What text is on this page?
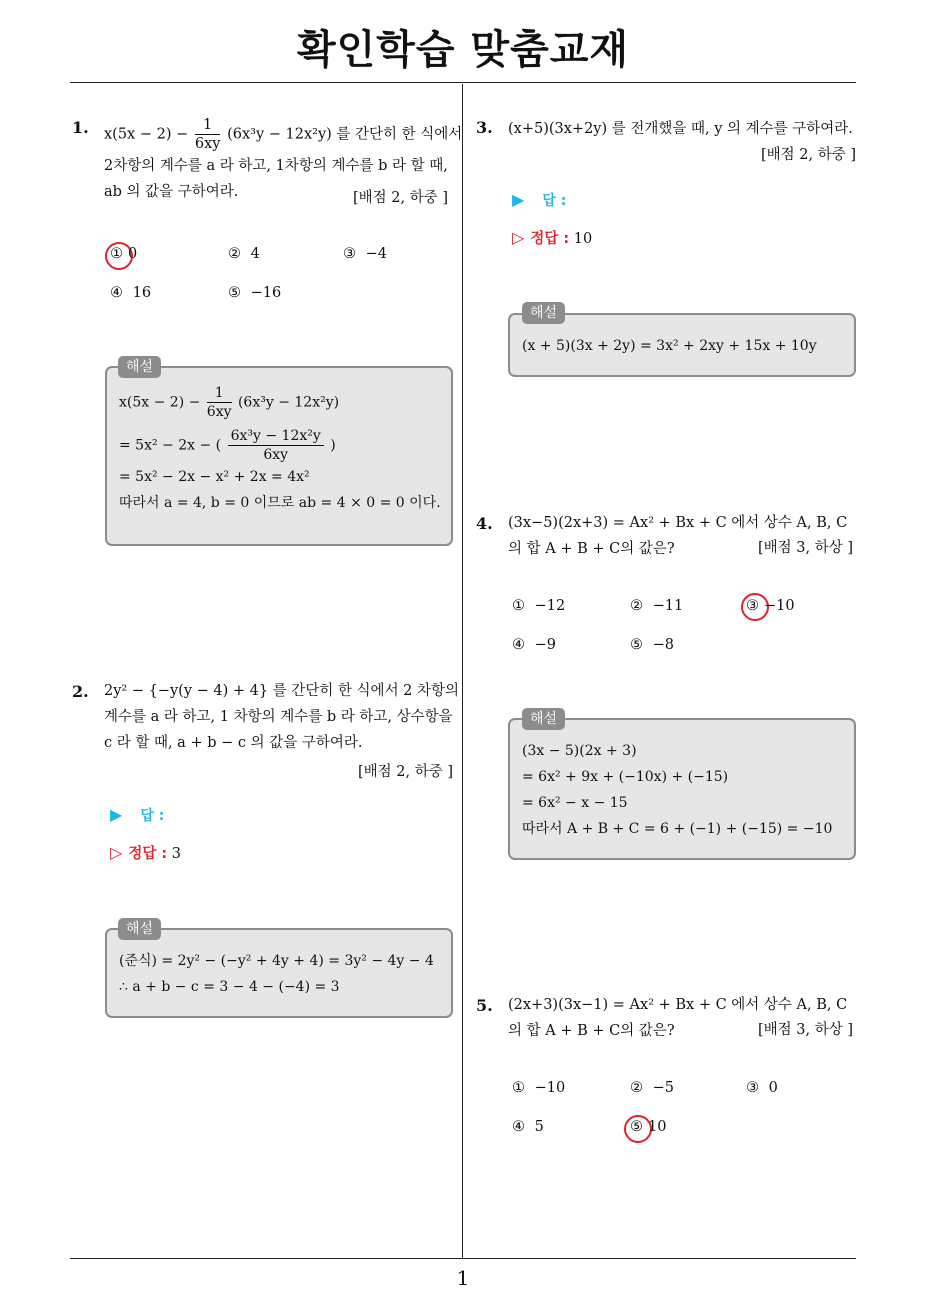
확인학습 맞춤교재
1
1. $x(5x - 2) - \frac{1}{6xy} (6x^3y - 12x^2y)$ 를 간단히 한 식에서
2차항의 계수를 a 라 하고, 1차항의 계수를 b 라 할 때,
ab 의 값을 구하여라.	[배점 2, 하중 ]
① 0	② 4	③ −4
④ 16	⑤ −16
$x(5x - 2) - \frac{1}{6xy} (6x^3y - 12x^2y)$
= 5x² − 2x − ( $\frac{\text{6x³y − 12x²y}}{6xy}$ )
= 5x² − 2x − x² + 2x = 4x²
따라서 a = 4, b = 0 이므로 ab = 4 × 0 = 0 이다.
해설
2. 2y² − {−y(y − 4) + 4} 를 간단히 한 식에서 2 차항의
계수를 a 라 하고, 1 차항의 계수를 b 라 하고, 상수항을
c 라 할 때, a + b − c 의 값을 구하여라.
[배점 2, 하중 ]
▶ 답 :
▷ 정답 : 3
(준식) = 2y² − (−y² + 4y + 4) = 3y² − 4y − 4
∴ a + b − c = 3 − 4 − (−4) = 3
해설
3. (x+5)(3x+2y) 를 전개했을 때, y 의 계수를 구하여라.
[배점 2, 하중 ]
▶ 답 :
▷ 정답 : 10
(x + 5)(3x + 2y) = 3x² + 2xy + 15x + 10y
해설
4. (3x−5)(2x+3) = Ax² + Bx + C 에서 상수 A, B, C
의 합 A + B + C의 값은?	[배점 3, 하상 ]
① −12	② −11	③ −10
④ −9	⑤ −8
(3x − 5)(2x + 3)
= 6x² + 9x + (−10x) + (−15)
= 6x² − x − 15
따라서 A + B + C = 6 + (−1) + (−15) = −10
해설
5. (2x+3)(3x−1) = Ax² + Bx + C 에서 상수 A, B, C
의 합 A + B + C의 값은?	[배점 3, 하상 ]
① −10	② −5	③ 0
④ 5	⑤ 10
